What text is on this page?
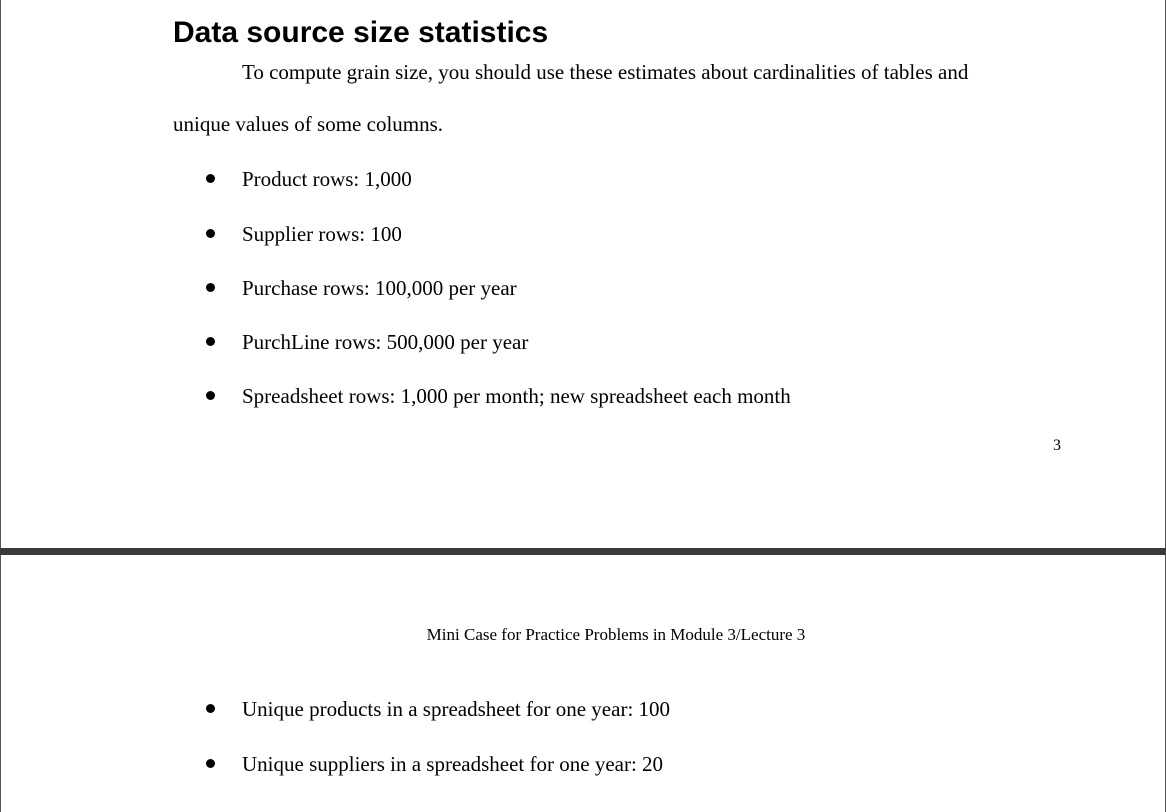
Data source size statistics

To compute grain size, you should use these estimates about cardinalities of tables and

unique values of some columns.

Product rows: 1,000
Supplier rows: 100
Purchase rows: 100,000 per year
PurchLine rows: 500,000 per year
Spreadsheet rows: 1,000 per month; new spreadsheet each month
3
Mini Case for Practice Problems in Module 3/Lecture 3
Unique products in a spreadsheet for one year: 100
Unique suppliers in a spreadsheet for one year: 20
